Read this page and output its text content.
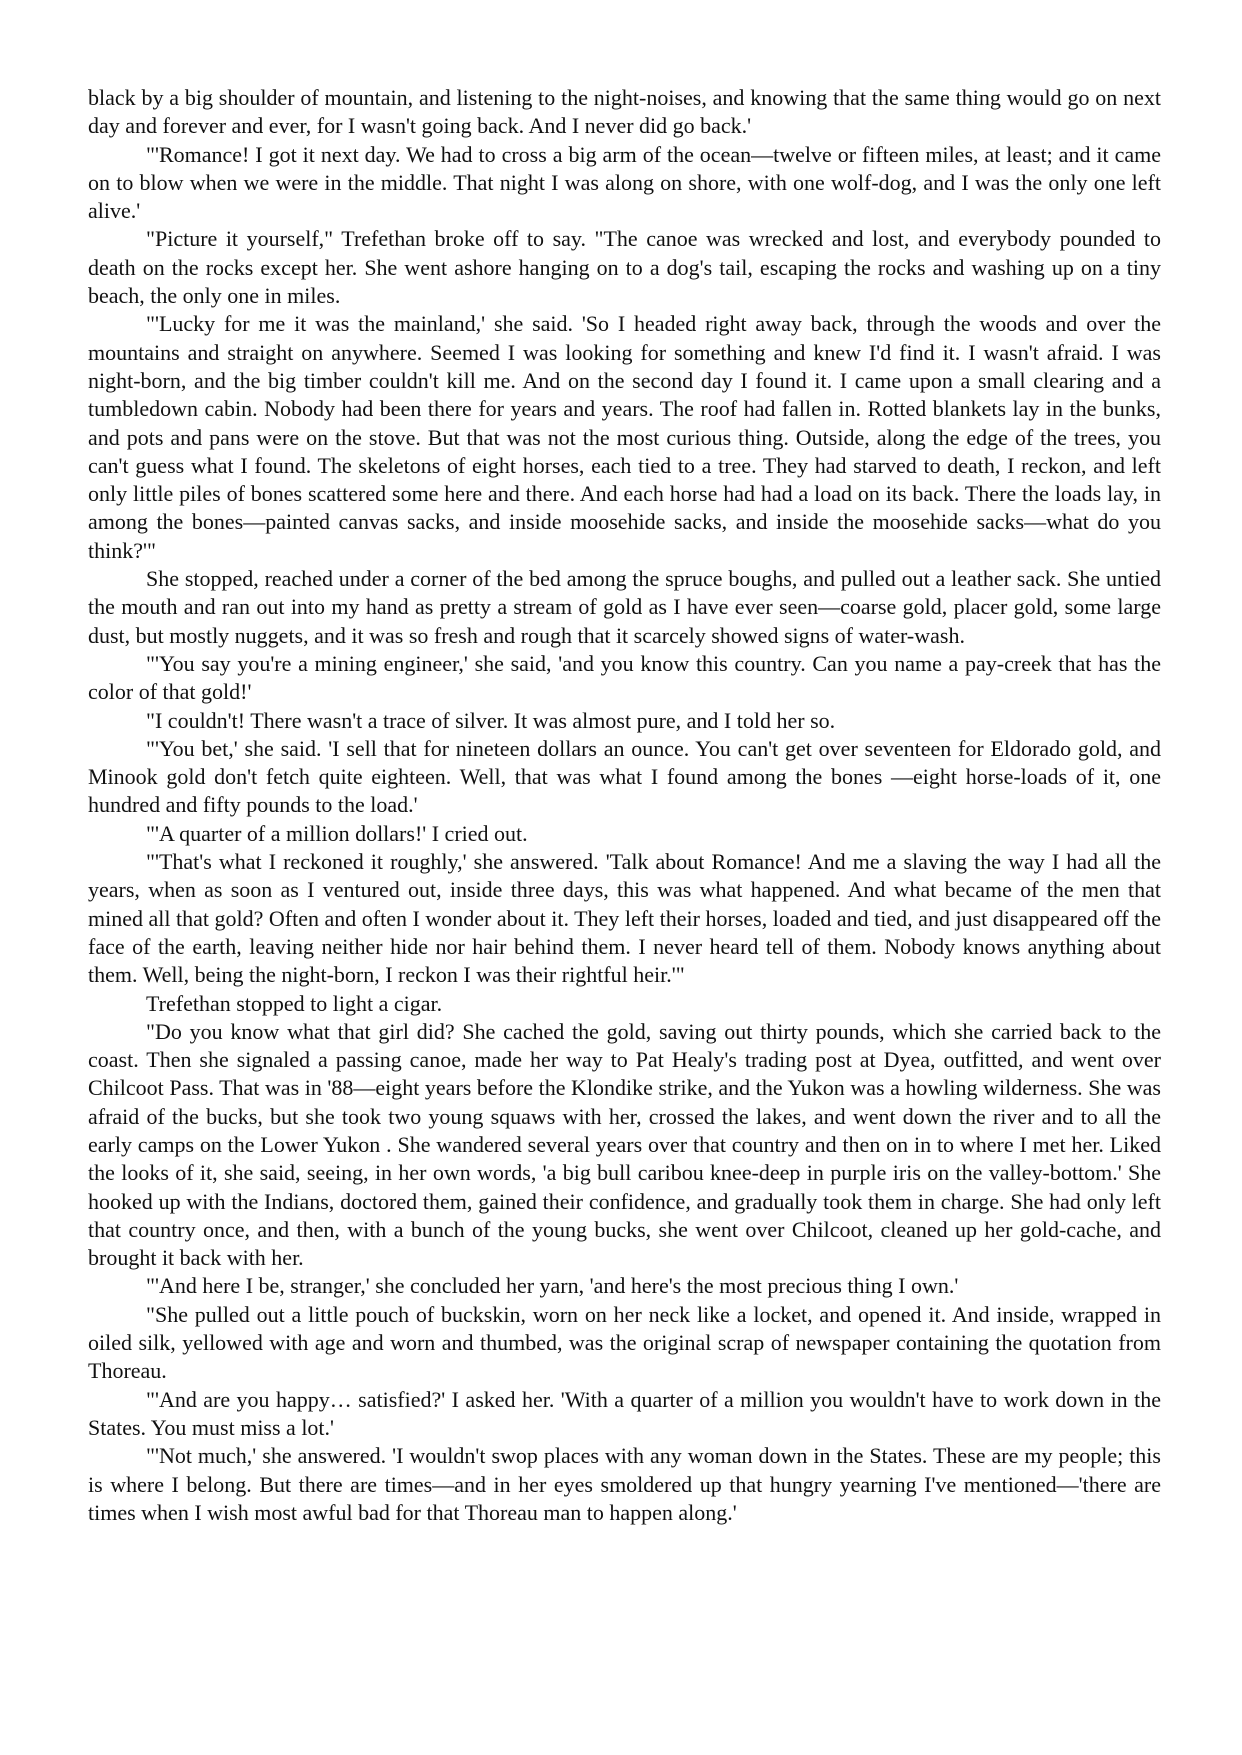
black by a big shoulder of mountain, and listening to the night-noises, and knowing that the same thing would go on next day and forever and ever, for I wasn't going back. And I never did go back.'

"'Romance! I got it next day. We had to cross a big arm of the ocean—twelve or fifteen miles, at least; and it came on to blow when we were in the middle. That night I was along on shore, with one wolf-dog, and I was the only one left alive.'

"Picture it yourself," Trefethan broke off to say. "The canoe was wrecked and lost, and everybody pounded to death on the rocks except her. She went ashore hanging on to a dog's tail, escaping the rocks and washing up on a tiny beach, the only one in miles.

"'Lucky for me it was the mainland,' she said. 'So I headed right away back, through the woods and over the mountains and straight on anywhere. Seemed I was looking for something and knew I'd find it. I wasn't afraid. I was night-born, and the big timber couldn't kill me. And on the second day I found it. I came upon a small clearing and a tumbledown cabin. Nobody had been there for years and years. The roof had fallen in. Rotted blankets lay in the bunks, and pots and pans were on the stove. But that was not the most curious thing. Outside, along the edge of the trees, you can't guess what I found. The skeletons of eight horses, each tied to a tree. They had starved to death, I reckon, and left only little piles of bones scattered some here and there. And each horse had had a load on its back. There the loads lay, in among the bones—painted canvas sacks, and inside moosehide sacks, and inside the moosehide sacks—what do you think?'"

She stopped, reached under a corner of the bed among the spruce boughs, and pulled out a leather sack. She untied the mouth and ran out into my hand as pretty a stream of gold as I have ever seen—coarse gold, placer gold, some large dust, but mostly nuggets, and it was so fresh and rough that it scarcely showed signs of water-wash.

"'You say you're a mining engineer,' she said, 'and you know this country. Can you name a pay-creek that has the color of that gold!'

"I couldn't! There wasn't a trace of silver. It was almost pure, and I told her so.

"'You bet,' she said. 'I sell that for nineteen dollars an ounce. You can't get over seventeen for Eldorado gold, and Minook gold don't fetch quite eighteen. Well, that was what I found among the bones —eight horse-loads of it, one hundred and fifty pounds to the load.'

"'A quarter of a million dollars!' I cried out.

"'That's what I reckoned it roughly,' she answered. 'Talk about Romance! And me a slaving the way I had all the years, when as soon as I ventured out, inside three days, this was what happened. And what became of the men that mined all that gold? Often and often I wonder about it. They left their horses, loaded and tied, and just disappeared off the face of the earth, leaving neither hide nor hair behind them. I never heard tell of them. Nobody knows anything about them. Well, being the night-born, I reckon I was their rightful heir.'"

Trefethan stopped to light a cigar.

"Do you know what that girl did? She cached the gold, saving out thirty pounds, which she carried back to the coast. Then she signaled a passing canoe, made her way to Pat Healy's trading post at Dyea, outfitted, and went over Chilcoot Pass. That was in '88—eight years before the Klondike strike, and the Yukon was a howling wilderness. She was afraid of the bucks, but she took two young squaws with her, crossed the lakes, and went down the river and to all the early camps on the Lower Yukon . She wandered several years over that country and then on in to where I met her. Liked the looks of it, she said, seeing, in her own words, 'a big bull caribou knee-deep in purple iris on the valley-bottom.' She hooked up with the Indians, doctored them, gained their confidence, and gradually took them in charge. She had only left that country once, and then, with a bunch of the young bucks, she went over Chilcoot, cleaned up her gold-cache, and brought it back with her.

"'And here I be, stranger,' she concluded her yarn, 'and here's the most precious thing I own.'

"She pulled out a little pouch of buckskin, worn on her neck like a locket, and opened it. And inside, wrapped in oiled silk, yellowed with age and worn and thumbed, was the original scrap of newspaper containing the quotation from Thoreau.

"'And are you happy… satisfied?' I asked her. 'With a quarter of a million you wouldn't have to work down in the States. You must miss a lot.'

"'Not much,' she answered. 'I wouldn't swop places with any woman down in the States. These are my people; this is where I belong. But there are times—and in her eyes smoldered up that hungry yearning I've mentioned—'there are times when I wish most awful bad for that Thoreau man to happen along.'
